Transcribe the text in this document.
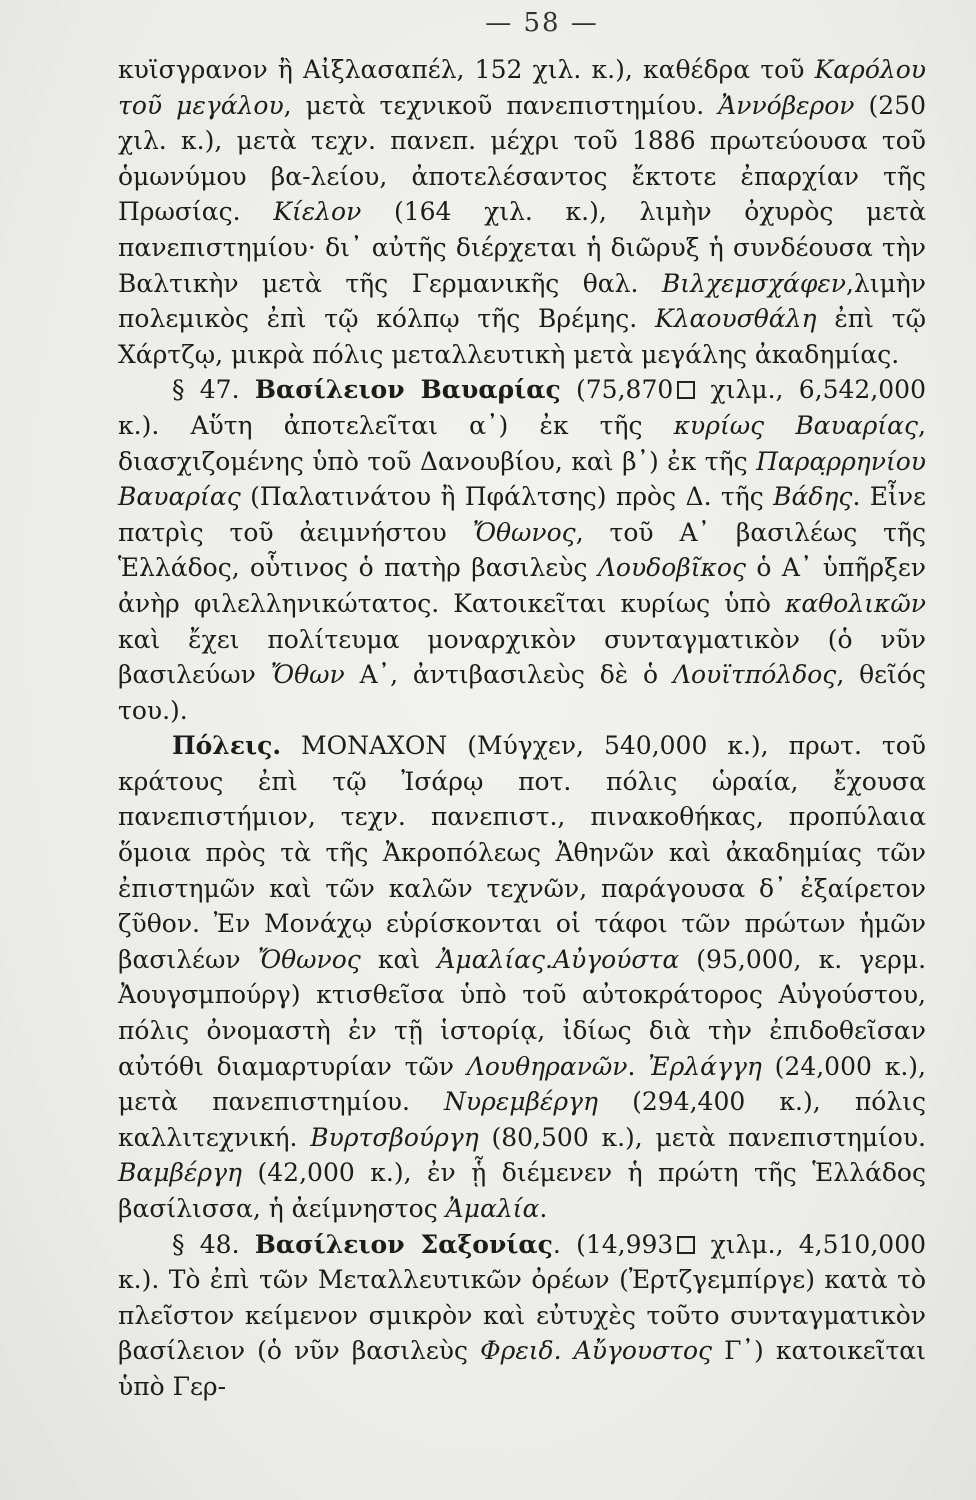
— 58 —

κυϊσγρανον ἢ Αἰξλασαπέλ, 152 χιλ. κ.), καθέδρα τοῦ Καρόλου τοῦ μεγάλου, μετὰ τεχνικοῦ πανεπιστημίου. Ἀννόβερον (250 χιλ. κ.), μετὰ τεχν. πανεπ. μέχρι τοῦ 1886 πρωτεύουσα τοῦ ὁμωνύμου βα-λείου, ἀποτελέσαντος ἔκτοτε ἐπαρχίαν τῆς Πρωσίας. Κίελον (164 χιλ. κ.), λιμὴν ὀχυρὸς μετὰ πανεπιστημίου· δι᾽ αὐτῆς διέρχεται ἡ διῶρυξ ἡ συνδέουσα τὴν Βαλτικὴν μετὰ τῆς Γερμανικῆς θαλ. Βιλχεμσχάφεν,λιμὴν πολεμικὸς ἐπὶ τῷ κόλπῳ τῆς Βρέμης. Κλαουσθάλη ἐπὶ τῷ Χάρτζῳ, μικρὰ πόλις μεταλλευτικὴ μετὰ μεγάλης ἀκαδημίας.

§ 47. Βασίλειον Βαυαρίας (75,870 χιλμ., 6,542,000 κ.). Αὕτη ἀποτελεῖται α᾽) ἐκ τῆς κυρίως Βαυαρίας, διασχιζομένης ὑπὸ τοῦ Δανουβίου, καὶ β᾽) ἐκ τῆς Παρα̣ρρηνίου Βαυαρίας (Παλατινάτου ἢ Πφάλτσης) πρὸς Δ. τῆς Βάδης. Εἶνε πατρὶς τοῦ ἀειμνήστου Ὄθωνος, τοῦ Α᾽ βασιλέως τῆς Ἑλλάδος, οὗτινος ὁ πατὴρ βασιλεὺς Λουδοβῖκος ὁ Α᾽ ὑπῆρξεν ἀνὴρ φιλελληνικώτατος. Κατοικεῖται κυρίως ὑπὸ καθολικῶν καὶ ἔχει πολίτευμα μοναρχικὸν συνταγματικὸν (ὁ νῦν βασιλεύων Ὄθων Α᾽, ἀντιβασιλεὺς δὲ ὁ Λουϊτπόλδος, θεῖός του.).

Πόλεις. ΜΟΝΑΧΟΝ (Μύγχεν, 540,000 κ.), πρωτ. τοῦ κράτους ἐπὶ τῷ Ἰσάρῳ ποτ. πόλις ὡραία, ἔχουσα πανεπιστήμιον, τεχν. πανεπιστ., πινακοθήκας, προπύλαια ὅμοια πρὸς τὰ τῆς Ἀκροπόλεως Ἀθηνῶν καὶ ἀκαδημίας τῶν ἐπιστημῶν καὶ τῶν καλῶν τεχνῶν, παράγουσα δ᾽ ἐξαίρετον ζῦθον. Ἐν Μονάχῳ εὑρίσκονται οἱ τάφοι τῶν πρώτων ἡμῶν βασιλέων Ὄθωνος καὶ Ἀμαλίας.Αὐγούστα (95,000, κ. γερμ. Ἀουγσμπούργ) κτισθεῖσα ὑπὸ τοῦ αὐτοκράτορος Αὐγούστου, πόλις ὀνομαστὴ ἐν τῇ ἱστορίᾳ, ἰδίως διὰ τὴν ἐπιδοθεῖσαν αὐτόθι διαμαρτυρίαν τῶν Λουθηρανῶν. Ἐρλάγγη (24,000 κ.), μετὰ πανεπιστημίου. Νυρεμβέργη (294,400 κ.), πόλις καλλιτεχνική. Βυρτσβούργη (80,500 κ.), μετὰ πανεπιστημίου. Βαμβέργη (42,000 κ.), ἐν ᾗ διέμενεν ἡ πρώτη τῆς Ἑλλάδος βασίλισσα, ἡ ἀείμνηστος Ἀμαλία.

§ 48. Βασίλειον Σαξονίας. (14,993 χιλμ., 4,510,000 κ.). Τὸ ἐπὶ τῶν Μεταλλευτικῶν ὀρέων (Ἐρτζγεμπίργε) κατὰ τὸ πλεῖστον κείμενον σμικρὸν καὶ εὐτυχὲς τοῦτο συνταγματικὸν βασίλειον (ὁ νῦν βασιλεὺς Φρειδ. Αὔγουστος Γ᾽) κατοικεῖται ὑπὸ Γερ-
